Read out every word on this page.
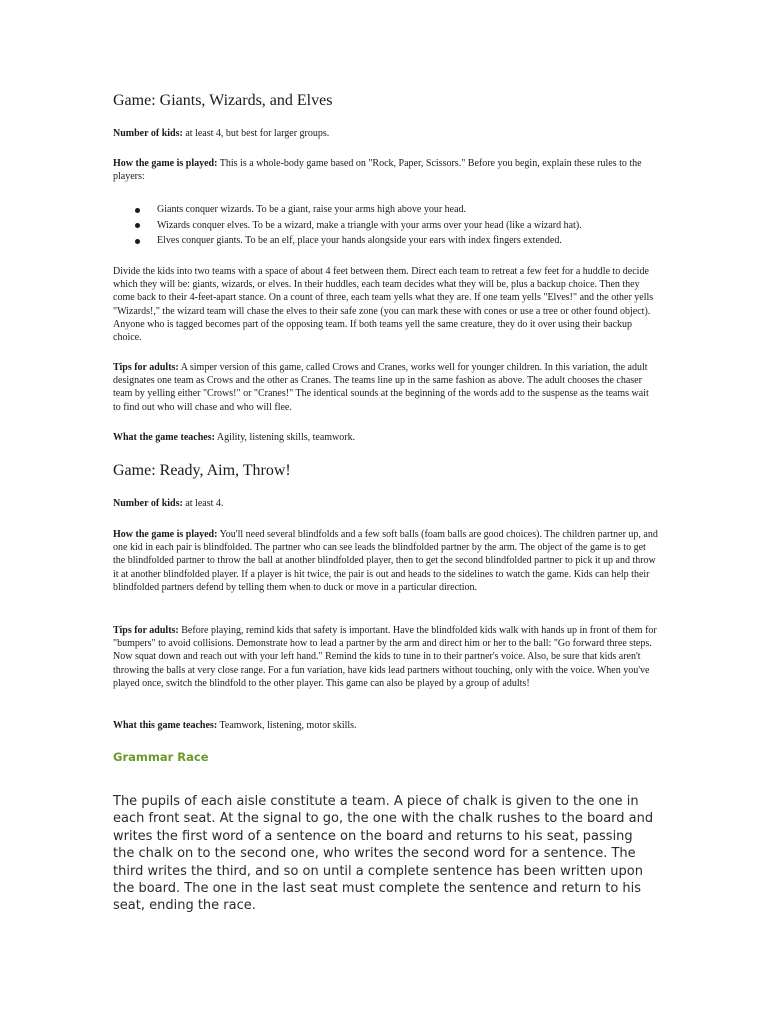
Game: Giants, Wizards, and Elves

Number of kids: at least 4, but best for larger groups.

How the game is played: This is a whole-body game based on "Rock, Paper, Scissors." Before you begin, explain these rules to the players:

Giants conquer wizards. To be a giant, raise your arms high above your head.
Wizards conquer elves. To be a wizard, make a triangle with your arms over your head (like a wizard hat).
Elves conquer giants. To be an elf, place your hands alongside your ears with index fingers extended.

Divide the kids into two teams with a space of about 4 feet between them. Direct each team to retreat a few feet for a huddle to decide which they will be: giants, wizards, or elves. In their huddles, each team decides what they will be, plus a backup choice. Then they come back to their 4-feet-apart stance. On a count of three, each team yells what they are. If one team yells "Elves!" and the other yells "Wizards!," the wizard team will chase the elves to their safe zone (you can mark these with cones or use a tree or other found object). Anyone who is tagged becomes part of the opposing team. If both teams yell the same creature, they do it over using their backup choice.

Tips for adults: A simper version of this game, called Crows and Cranes, works well for younger children. In this variation, the adult designates one team as Crows and the other as Cranes. The teams line up in the same fashion as above. The adult chooses the chaser team by yelling either "Crows!" or "Cranes!" The identical sounds at the beginning of the words add to the suspense as the teams wait to find out who will chase and who will flee.

What the game teaches: Agility, listening skills, teamwork.

Game: Ready, Aim, Throw!

Number of kids: at least 4.

How the game is played: You'll need several blindfolds and a few soft balls (foam balls are good choices). The children partner up, and one kid in each pair is blindfolded. The partner who can see leads the blindfolded partner by the arm. The object of the game is to get the blindfolded partner to throw the ball at another blindfolded player, then to get the second blindfolded partner to pick it up and throw it at another blindfolded player. If a player is hit twice, the pair is out and heads to the sidelines to watch the game. Kids can help their blindfolded partners defend by telling them when to duck or move in a particular direction.

Tips for adults: Before playing, remind kids that safety is important. Have the blindfolded kids walk with hands up in front of them for "bumpers" to avoid collisions. Demonstrate how to lead a partner by the arm and direct him or her to the ball: "Go forward three steps. Now squat down and reach out with your left hand." Remind the kids to tune in to their partner's voice. Also, be sure that kids aren't throwing the balls at very close range. For a fun variation, have kids lead partners without touching, only with the voice. When you've played once, switch the blindfold to the other player. This game can also be played by a group of adults!

What this game teaches: Teamwork, listening, motor skills.

Grammar Race

The pupils of each aisle constitute a team. A piece of chalk is given to the one in each front seat. At the signal to go, the one with the chalk rushes to the board and writes the first word of a sentence on the board and returns to his seat, passing the chalk on to the second one, who writes the second word for a sentence. The third writes the third, and so on until a complete sentence has been written upon the board. The one in the last seat must complete the sentence and return to his seat, ending the race.
